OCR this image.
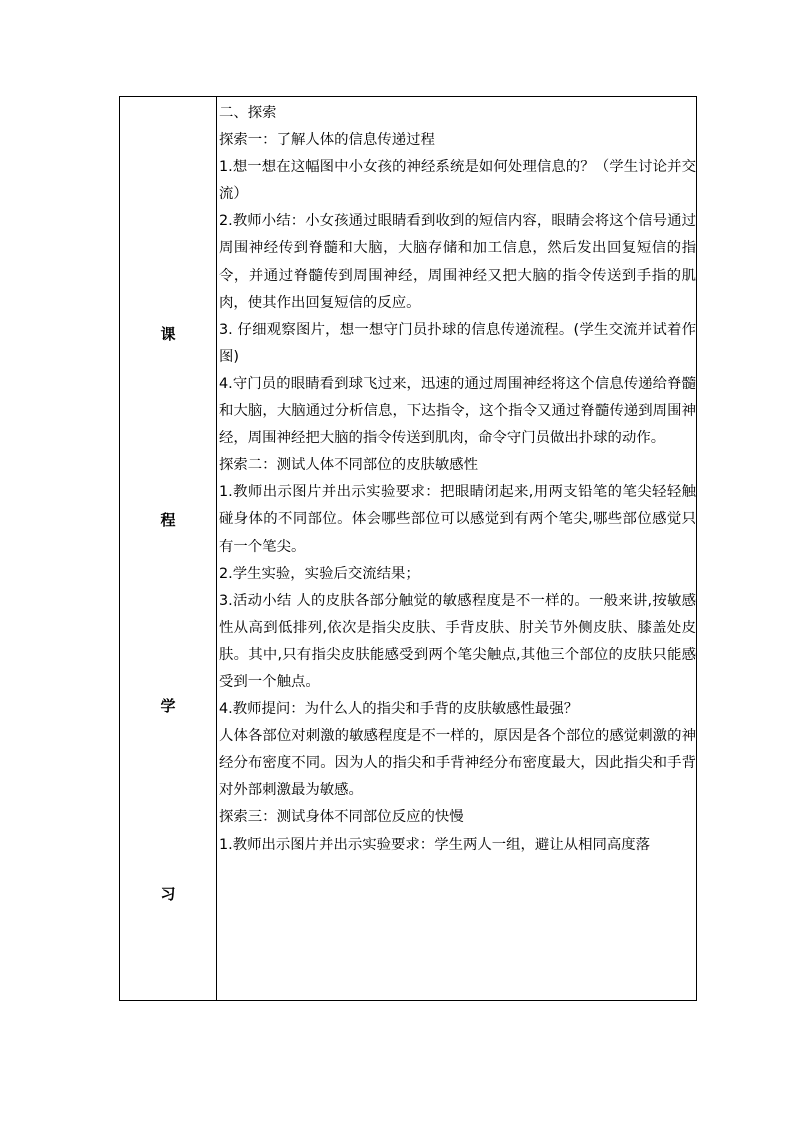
课
程
学
习

二、探索

探索一：了解人体的信息传递过程

1.想一想在这幅图中小女孩的神经系统是如何处理信息的？（学生讨论并交流）

2.教师小结：小女孩通过眼睛看到收到的短信内容，眼睛会将这个信号通过周围神经传到脊髓和大脑，大脑存储和加工信息，然后发出回复短信的指令，并通过脊髓传到周围神经，周围神经又把大脑的指令传送到手指的肌肉，使其作出回复短信的反应。

3. 仔细观察图片，想一想守门员扑球的信息传递流程。(学生交流并试着作图)

4.守门员的眼睛看到球飞过来，迅速的通过周围神经将这个信息传递给脊髓和大脑，大脑通过分析信息，下达指令，这个指令又通过脊髓传递到周围神经，周围神经把大脑的指令传送到肌肉，命令守门员做出扑球的动作。

探索二：测试人体不同部位的皮肤敏感性

1.教师出示图片并出示实验要求：把眼睛闭起来,用两支铅笔的笔尖轻轻触碰身体的不同部位。体会哪些部位可以感觉到有两个笔尖,哪些部位感觉只有一个笔尖。

2.学生实验，实验后交流结果；

3.活动小结 人的皮肤各部分触觉的敏感程度是不一样的。一般来讲,按敏感性从高到低排列,依次是指尖皮肤、手背皮肤、肘关节外侧皮肤、膝盖处皮肤。其中,只有指尖皮肤能感受到两个笔尖触点,其他三个部位的皮肤只能感受到一个触点。

4.教师提问：为什么人的指尖和手背的皮肤敏感性最强？

人体各部位对刺激的敏感程度是不一样的，原因是各个部位的感觉刺激的神经分布密度不同。因为人的指尖和手背神经分布密度最大，因此指尖和手背对外部刺激最为敏感。

探索三：测试身体不同部位反应的快慢

1.教师出示图片并出示实验要求：学生两人一组，避让从相同高度落
